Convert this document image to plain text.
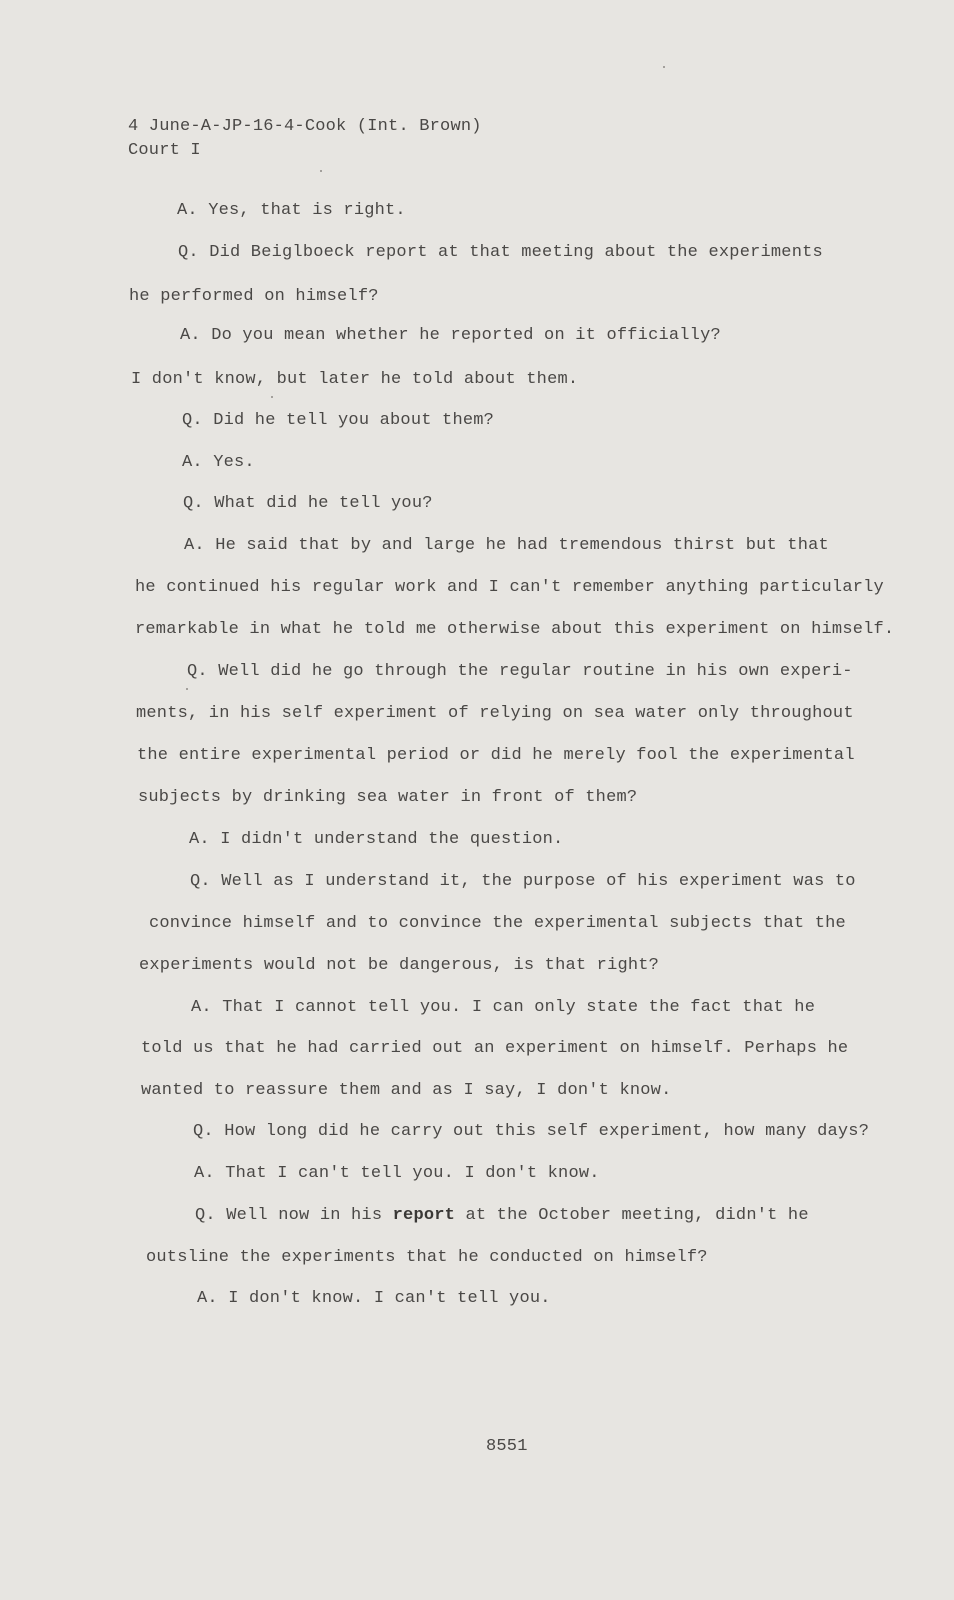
4 June-A-JP-16-4-Cook (Int. Brown)
Court I
A. Yes, that is right.
Q. Did Beiglboeck report at that meeting about the experiments
he performed on himself?
A. Do you mean whether he reported on it officially?
I don't know, but later he told about them.
Q. Did he tell you about them?
A. Yes.
Q. What did he tell you?
A. He said that by and large he had tremendous thirst but that
he continued his regular work and I can't remember anything particularly
remarkable in what he told me otherwise about this experiment on himself.
Q. Well did he go through the regular routine in his own experi-
ments, in his self experiment of relying on sea water only throughout
the entire experimental period or did he merely fool the experimental
subjects by drinking sea water in front of them?
A. I didn't understand the question.
Q. Well as I understand it, the purpose of his experiment was to
convince himself and to convince the experimental subjects that the
experiments would not be dangerous, is that right?
A. That I cannot tell you. I can only state the fact that he
told us that he had carried out an experiment on himself. Perhaps he
wanted to reassure them and as I say, I don't know.
Q. How long did he carry out this self experiment, how many days?
A. That I can't tell you. I don't know.
Q. Well now in his report at the October meeting, didn't he
outsline the experiments that he conducted on himself?
A. I don't know. I can't tell you.
8551
